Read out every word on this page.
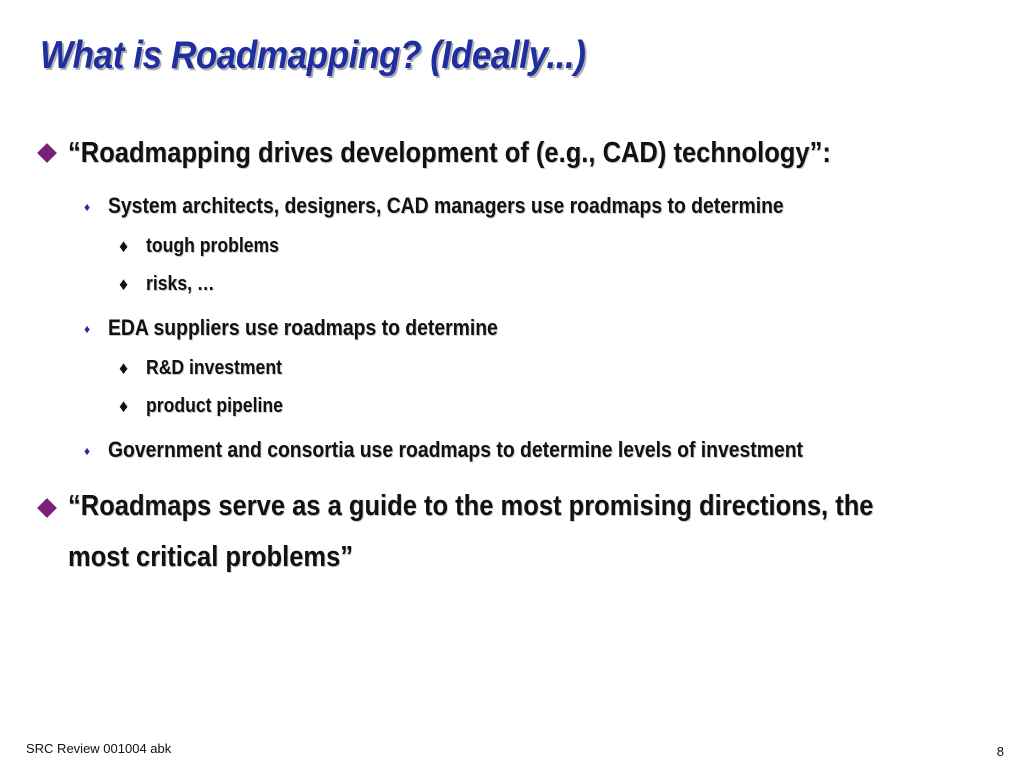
What is Roadmapping? (Ideally...)
“Roadmapping drives development of (e.g., CAD) technology”:
♦ System architects, designers, CAD managers use roadmaps to determine
♦ tough problems
♦ risks, …
♦ EDA suppliers use roadmaps to determine
♦ R&D investment
♦ product pipeline
♦ Government and consortia use roadmaps to determine levels of investment
“Roadmaps serve as a guide to the most promising directions, the
most critical problems”
SRC Review 001004 abk	8
